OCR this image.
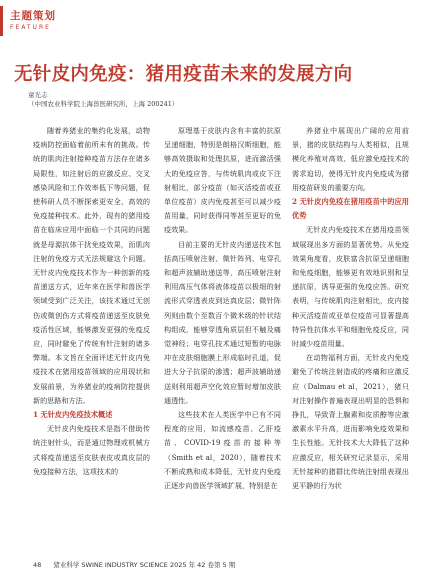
主题策划
FEATURE
无针皮内免疫：猪用疫苗未来的发展方向
童光志
（中国农业科学院上海兽医研究所，上海 200241）

随着养猪业的集约化发展，动物疫病防控面临着前所未有的挑战。传统的肌肉注射接种疫苗方法存在诸多局限性，如注射后的应激反应、交叉感染风险和工作效率低下等问题，促使科研人员不断探索更安全、高效的免疫接种技术。此外，现有的猪用疫苗在临床应用中面临一个共同的问题就是母源抗体干扰免疫效果，而肌肉注射的免疫方式无法规避这个问题。无针皮内免疫技术作为一种创新的疫苗递送方式，近年来在医学和兽医学领域受到广泛关注，该技术通过无创伤或微创伤方式将疫苗递送至皮肤免疫活性区域，能够激发更强的免疫反应，同时避免了传统有针注射的诸多弊端。本文旨在全面评述无针皮内免疫技术在猪用疫苗领域的应用现状和发展前景，为养猪业的疫病防控提供新的思路和方法。

1 无针皮内免疫技术概述

无针皮内免疫技术是指不借助传统注射针头，而是通过物理或机械方式将疫苗递送至皮肤表皮或真皮层的免疫接种方法，这项技术的

原理基于皮肤内含有丰富的抗原呈递细胞，特别是朗格汉斯细胞，能够高效摄取和处理抗原，进而激活强大的免疫应答，与传统肌肉或皮下注射相比，部分疫苗（如灭活疫苗或亚单位疫苗）皮内免疫甚至可以减少疫苗用量，同时获得同等甚至更好的免疫效果。

目前主要的无针皮内递送技术包括高压喷射注射、微针阵列、电穿孔和超声波辅助递送等，高压喷射注射利用高压气体将液体疫苗以极细的射流形式穿透表皮到达真皮层；微针阵列则由数个至数百个微米级的针状结构组成，能够穿透角质层但不触及痛觉神经；电穿孔技术通过短暂的电脉冲在皮肤细胞膜上形成临时孔道，促进大分子抗原的渗透；超声波辅助递送则利用超声空化效应暂时增加皮肤通透性。

这些技术在人类医学中已有不同程度的应用，如流感疫苗、乙肝疫苗、COVID-19疫苗的接种等（Smith et al，2020），随着技术不断成熟和成本降低，无针皮内免疫正逐步向兽医学领域扩展，特别是在

养猪业中展现出广阔的应用前景，猪的皮肤结构与人类相似，且规模化养殖对高效、低应激免疫技术的需求迫切，使得无针皮内免疫成为猪用疫苗研发的重要方向。

2 无针皮内免疫在猪用疫苗中的应用优势

无针皮内免疫技术在猪用疫苗领域展现出多方面的显著优势。从免疫效果角度看，皮肤富含抗原呈递细胞和免疫细胞，能够更有效地识别和呈递抗原，诱导更强的免疫应答。研究表明，与传统肌肉注射相比，皮内接种灭活疫苗或亚单位疫苗可显著提高特异性抗体水平和细胞免疫反应，同时减少疫苗用量。

在动物福利方面，无针皮内免疫避免了传统注射造成的疼痛和应激反应（Dalmau et al，2021），猪只对注射操作普遍表现出明显的恐惧和挣扎，导致背上腺素和皮质醇等应激激素水平升高，进而影响免疫效果和生长性能。无针技术大大降低了这种应激反应，相关研究记录显示，采用无针接种的猪群比传统注射组表现出更平静的行为状

48 猪业科学 SWINE INDUSTRY SCIENCE 2025 年 42 卷第 5 期
